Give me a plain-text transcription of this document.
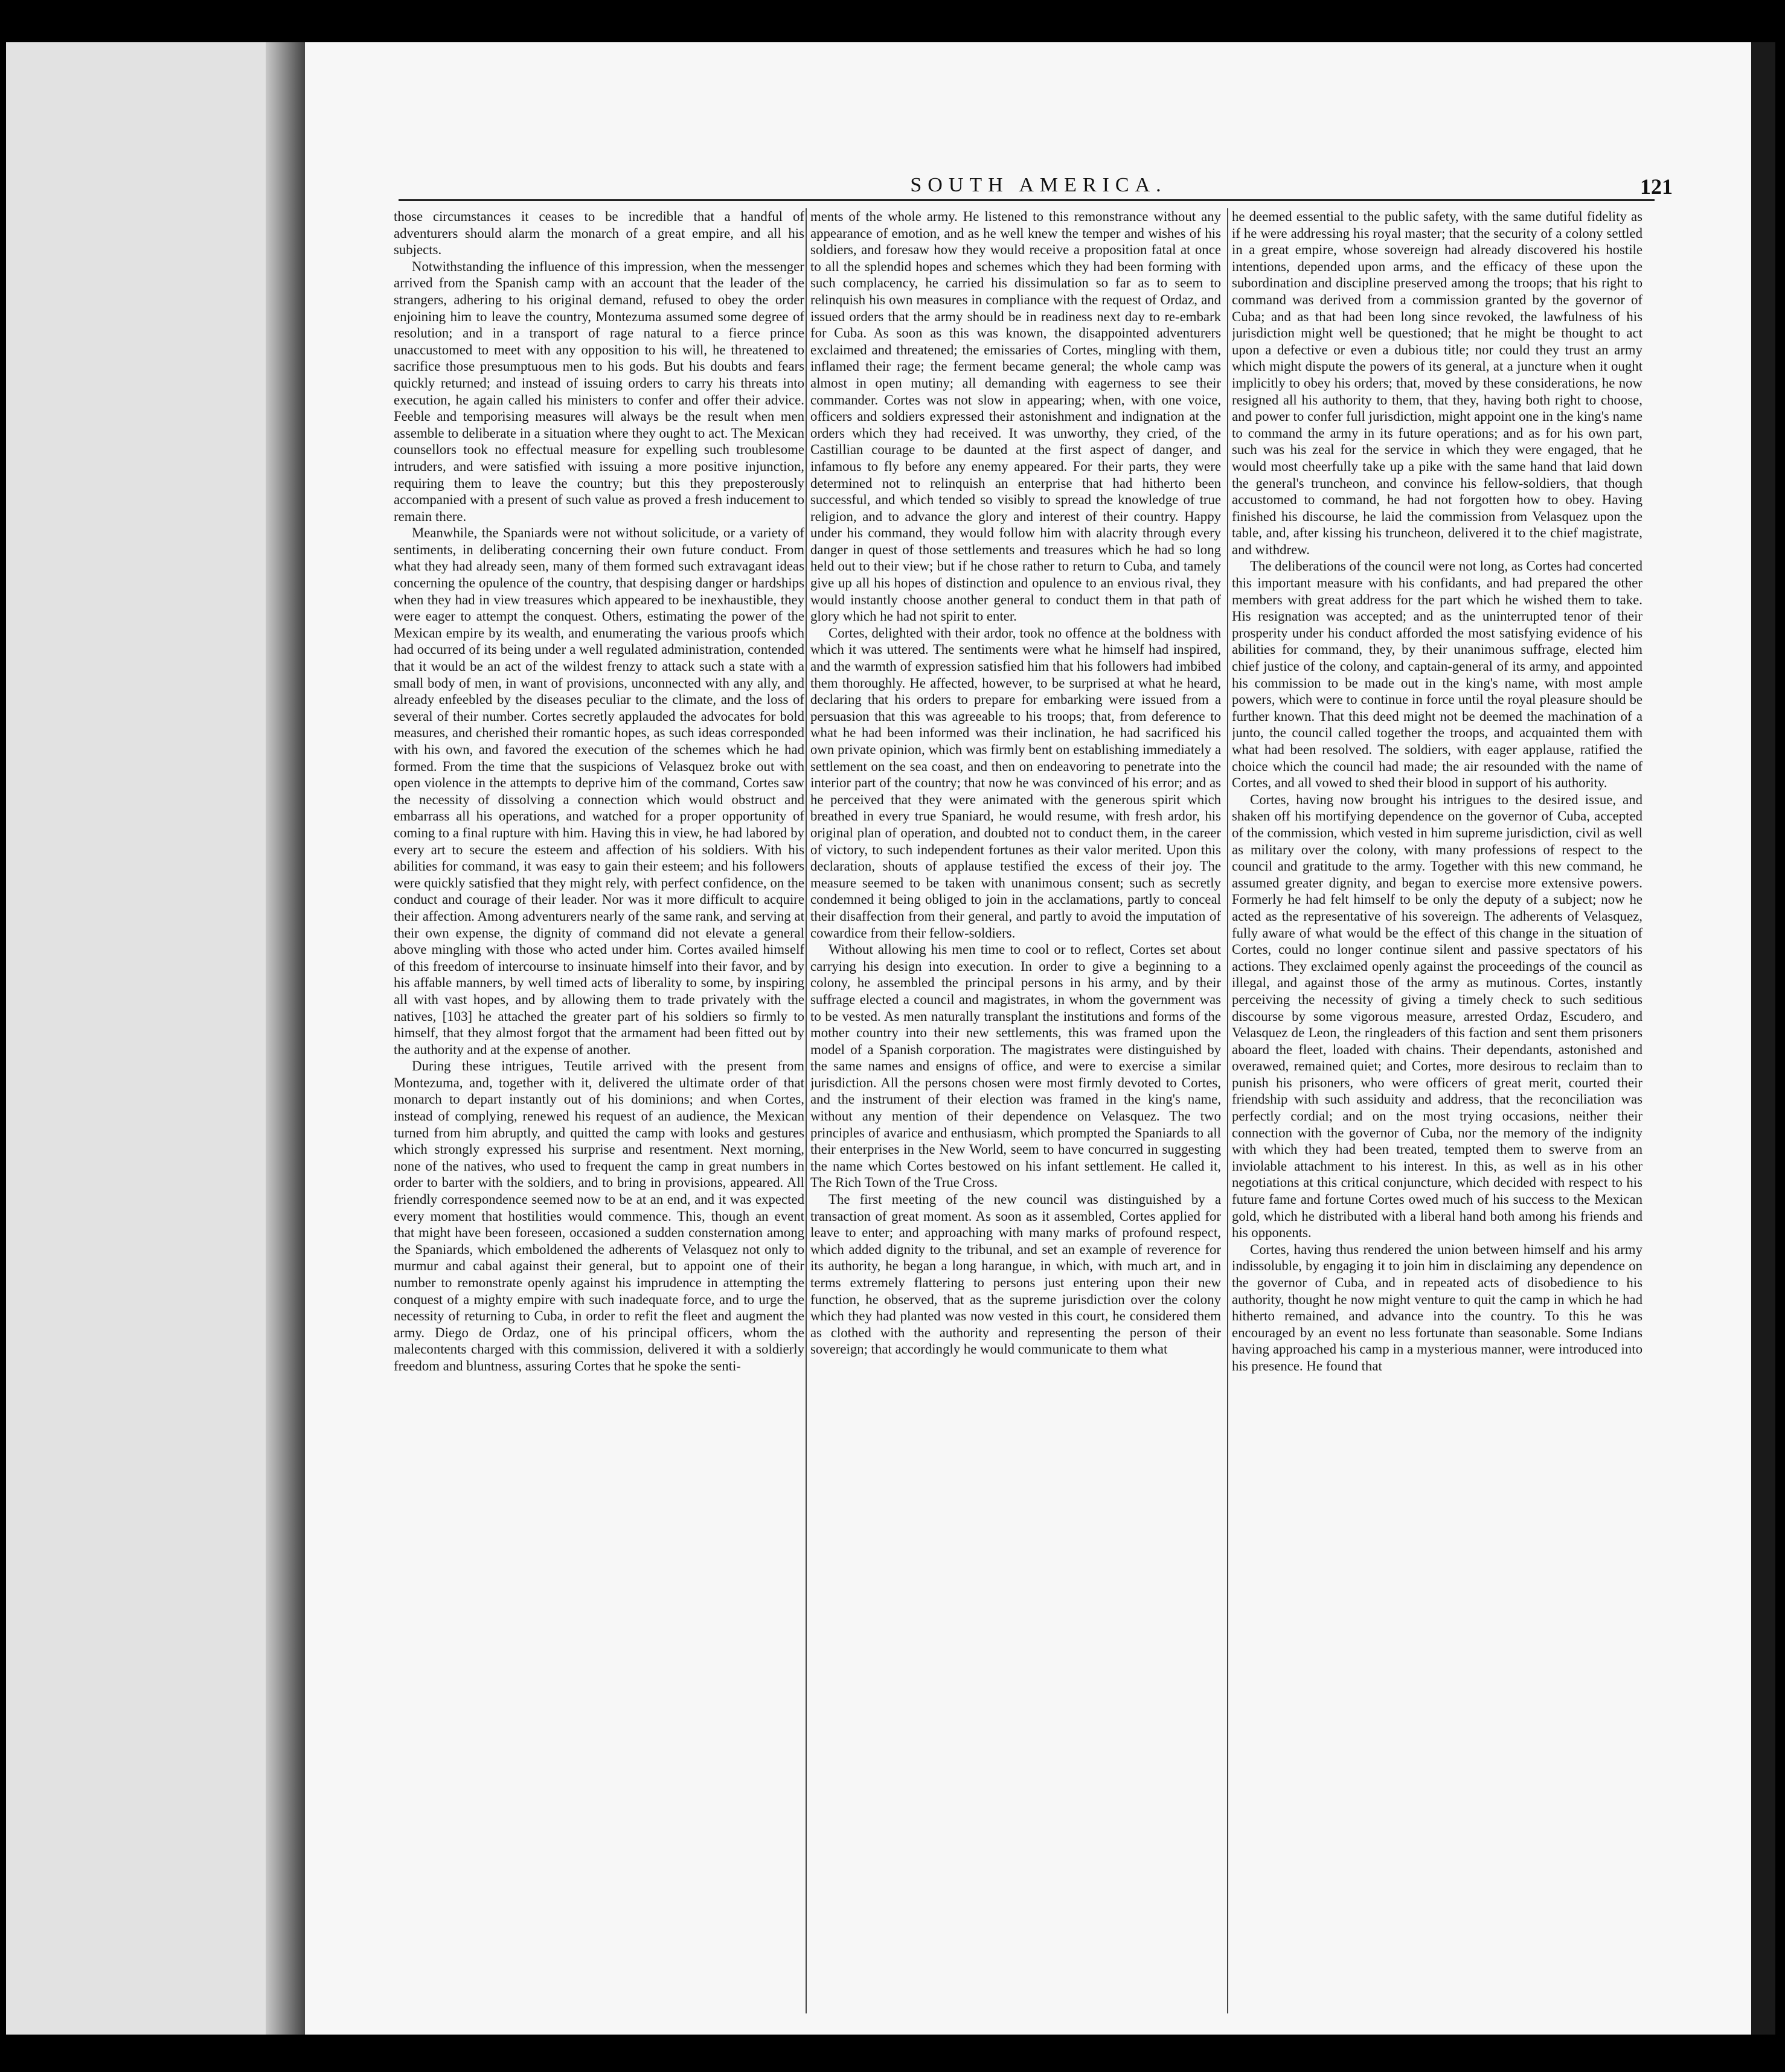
SOUTH AMERICA.	121

those circumstances it ceases to be incredible that a handful of adventurers should alarm the monarch of a great empire, and all his subjects.

Notwithstanding the influence of this impression, when the messenger arrived from the Spanish camp with an account that the leader of the strangers, adhering to his original demand, refused to obey the order enjoining him to leave the country, Montezuma assumed some degree of resolution; and in a transport of rage natural to a fierce prince unaccustomed to meet with any opposition to his will, he threatened to sacrifice those presumptuous men to his gods. But his doubts and fears quickly returned; and instead of issuing orders to carry his threats into execution, he again called his ministers to confer and offer their advice. Feeble and temporising measures will always be the result when men assemble to deliberate in a situation where they ought to act. The Mexican counsellors took no effectual measure for expelling such troublesome intruders, and were satisfied with issuing a more positive injunction, requiring them to leave the country; but this they preposterously accompanied with a present of such value as proved a fresh inducement to remain there.

Meanwhile, the Spaniards were not without solicitude, or a variety of sentiments, in deliberating concerning their own future conduct. From what they had already seen, many of them formed such extravagant ideas concerning the opulence of the country, that despising danger or hardships when they had in view treasures which appeared to be inexhaustible, they were eager to attempt the conquest. Others, estimating the power of the Mexican empire by its wealth, and enumerating the various proofs which had occurred of its being under a well regulated administration, contended that it would be an act of the wildest frenzy to attack such a state with a small body of men, in want of provisions, unconnected with any ally, and already enfeebled by the diseases peculiar to the climate, and the loss of several of their number. Cortes secretly applauded the advocates for bold measures, and cherished their romantic hopes, as such ideas corresponded with his own, and favored the execution of the schemes which he had formed. From the time that the suspicions of Velasquez broke out with open violence in the attempts to deprive him of the command, Cortes saw the necessity of dissolving a connection which would obstruct and embarrass all his operations, and watched for a proper opportunity of coming to a final rupture with him. Having this in view, he had labored by every art to secure the esteem and affection of his soldiers. With his abilities for command, it was easy to gain their esteem; and his followers were quickly satisfied that they might rely, with perfect confidence, on the conduct and courage of their leader. Nor was it more difficult to acquire their affection. Among adventurers nearly of the same rank, and serving at their own expense, the dignity of command did not elevate a general above mingling with those who acted under him. Cortes availed himself of this freedom of intercourse to insinuate himself into their favor, and by his affable manners, by well timed acts of liberality to some, by inspiring all with vast hopes, and by allowing them to trade privately with the natives, [103] he attached the greater part of his soldiers so firmly to himself, that they almost forgot that the armament had been fitted out by the authority and at the expense of another.

During these intrigues, Teutile arrived with the present from Montezuma, and, together with it, delivered the ultimate order of that monarch to depart instantly out of his dominions; and when Cortes, instead of complying, renewed his request of an audience, the Mexican turned from him abruptly, and quitted the camp with looks and gestures which strongly expressed his surprise and resentment. Next morning, none of the natives, who used to frequent the camp in great numbers in order to barter with the soldiers, and to bring in provisions, appeared. All friendly correspondence seemed now to be at an end, and it was expected every moment that hostilities would commence. This, though an event that might have been foreseen, occasioned a sudden consternation among the Spaniards, which emboldened the adherents of Velasquez not only to murmur and cabal against their general, but to appoint one of their number to remonstrate openly against his imprudence in attempting the conquest of a mighty empire with such inadequate force, and to urge the necessity of returning to Cuba, in order to refit the fleet and augment the army. Diego de Ordaz, one of his principal officers, whom the malecontents charged with this commission, delivered it with a soldierly freedom and bluntness, assuring Cortes that he spoke the senti-

ments of the whole army. He listened to this remonstrance without any appearance of emotion, and as he well knew the temper and wishes of his soldiers, and foresaw how they would receive a proposition fatal at once to all the splendid hopes and schemes which they had been forming with such complacency, he carried his dissimulation so far as to seem to relinquish his own measures in compliance with the request of Ordaz, and issued orders that the army should be in readiness next day to re-embark for Cuba. As soon as this was known, the disappointed adventurers exclaimed and threatened; the emissaries of Cortes, mingling with them, inflamed their rage; the ferment became general; the whole camp was almost in open mutiny; all demanding with eagerness to see their commander. Cortes was not slow in appearing; when, with one voice, officers and soldiers expressed their astonishment and indignation at the orders which they had received. It was unworthy, they cried, of the Castillian courage to be daunted at the first aspect of danger, and infamous to fly before any enemy appeared. For their parts, they were determined not to relinquish an enterprise that had hitherto been successful, and which tended so visibly to spread the knowledge of true religion, and to advance the glory and interest of their country. Happy under his command, they would follow him with alacrity through every danger in quest of those settlements and treasures which he had so long held out to their view; but if he chose rather to return to Cuba, and tamely give up all his hopes of distinction and opulence to an envious rival, they would instantly choose another general to conduct them in that path of glory which he had not spirit to enter.

Cortes, delighted with their ardor, took no offence at the boldness with which it was uttered. The sentiments were what he himself had inspired, and the warmth of expression satisfied him that his followers had imbibed them thoroughly. He affected, however, to be surprised at what he heard, declaring that his orders to prepare for embarking were issued from a persuasion that this was agreeable to his troops; that, from deference to what he had been informed was their inclination, he had sacrificed his own private opinion, which was firmly bent on establishing immediately a settlement on the sea coast, and then on endeavoring to penetrate into the interior part of the country; that now he was convinced of his error; and as he perceived that they were animated with the generous spirit which breathed in every true Spaniard, he would resume, with fresh ardor, his original plan of operation, and doubted not to conduct them, in the career of victory, to such independent fortunes as their valor merited. Upon this declaration, shouts of applause testified the excess of their joy. The measure seemed to be taken with unanimous consent; such as secretly condemned it being obliged to join in the acclamations, partly to conceal their disaffection from their general, and partly to avoid the imputation of cowardice from their fellow-soldiers.

Without allowing his men time to cool or to reflect, Cortes set about carrying his design into execution. In order to give a beginning to a colony, he assembled the principal persons in his army, and by their suffrage elected a council and magistrates, in whom the government was to be vested. As men naturally transplant the institutions and forms of the mother country into their new settlements, this was framed upon the model of a Spanish corporation. The magistrates were distinguished by the same names and ensigns of office, and were to exercise a similar jurisdiction. All the persons chosen were most firmly devoted to Cortes, and the instrument of their election was framed in the king's name, without any mention of their dependence on Velasquez. The two principles of avarice and enthusiasm, which prompted the Spaniards to all their enterprises in the New World, seem to have concurred in suggesting the name which Cortes bestowed on his infant settlement. He called it, The Rich Town of the True Cross.

The first meeting of the new council was distinguished by a transaction of great moment. As soon as it assembled, Cortes applied for leave to enter; and approaching with many marks of profound respect, which added dignity to the tribunal, and set an example of reverence for its authority, he began a long harangue, in which, with much art, and in terms extremely flattering to persons just entering upon their new function, he observed, that as the supreme jurisdiction over the colony which they had planted was now vested in this court, he considered them as clothed with the authority and representing the person of their sovereign; that accordingly he would communicate to them what

he deemed essential to the public safety, with the same dutiful fidelity as if he were addressing his royal master; that the security of a colony settled in a great empire, whose sovereign had already discovered his hostile intentions, depended upon arms, and the efficacy of these upon the subordination and discipline preserved among the troops; that his right to command was derived from a commission granted by the governor of Cuba; and as that had been long since revoked, the lawfulness of his jurisdiction might well be questioned; that he might be thought to act upon a defective or even a dubious title; nor could they trust an army which might dispute the powers of its general, at a juncture when it ought implicitly to obey his orders; that, moved by these considerations, he now resigned all his authority to them, that they, having both right to choose, and power to confer full jurisdiction, might appoint one in the king's name to command the army in its future operations; and as for his own part, such was his zeal for the service in which they were engaged, that he would most cheerfully take up a pike with the same hand that laid down the general's truncheon, and convince his fellow-soldiers, that though accustomed to command, he had not forgotten how to obey. Having finished his discourse, he laid the commission from Velasquez upon the table, and, after kissing his truncheon, delivered it to the chief magistrate, and withdrew.

The deliberations of the council were not long, as Cortes had concerted this important measure with his confidants, and had prepared the other members with great address for the part which he wished them to take. His resignation was accepted; and as the uninterrupted tenor of their prosperity under his conduct afforded the most satisfying evidence of his abilities for command, they, by their unanimous suffrage, elected him chief justice of the colony, and captain-general of its army, and appointed his commission to be made out in the king's name, with most ample powers, which were to continue in force until the royal pleasure should be further known. That this deed might not be deemed the machination of a junto, the council called together the troops, and acquainted them with what had been resolved. The soldiers, with eager applause, ratified the choice which the council had made; the air resounded with the name of Cortes, and all vowed to shed their blood in support of his authority.

Cortes, having now brought his intrigues to the desired issue, and shaken off his mortifying dependence on the governor of Cuba, accepted of the commission, which vested in him supreme jurisdiction, civil as well as military over the colony, with many professions of respect to the council and gratitude to the army. Together with this new command, he assumed greater dignity, and began to exercise more extensive powers. Formerly he had felt himself to be only the deputy of a subject; now he acted as the representative of his sovereign. The adherents of Velasquez, fully aware of what would be the effect of this change in the situation of Cortes, could no longer continue silent and passive spectators of his actions. They exclaimed openly against the proceedings of the council as illegal, and against those of the army as mutinous. Cortes, instantly perceiving the necessity of giving a timely check to such seditious discourse by some vigorous measure, arrested Ordaz, Escudero, and Velasquez de Leon, the ringleaders of this faction and sent them prisoners aboard the fleet, loaded with chains. Their dependants, astonished and overawed, remained quiet; and Cortes, more desirous to reclaim than to punish his prisoners, who were officers of great merit, courted their friendship with such assiduity and address, that the reconciliation was perfectly cordial; and on the most trying occasions, neither their connection with the governor of Cuba, nor the memory of the indignity with which they had been treated, tempted them to swerve from an inviolable attachment to his interest. In this, as well as in his other negotiations at this critical conjuncture, which decided with respect to his future fame and fortune Cortes owed much of his success to the Mexican gold, which he distributed with a liberal hand both among his friends and his opponents.

Cortes, having thus rendered the union between himself and his army indissoluble, by engaging it to join him in disclaiming any dependence on the governor of Cuba, and in repeated acts of disobedience to his authority, thought he now might venture to quit the camp in which he had hitherto remained, and advance into the country. To this he was encouraged by an event no less fortunate than seasonable. Some Indians having approached his camp in a mysterious manner, were introduced into his presence. He found that
